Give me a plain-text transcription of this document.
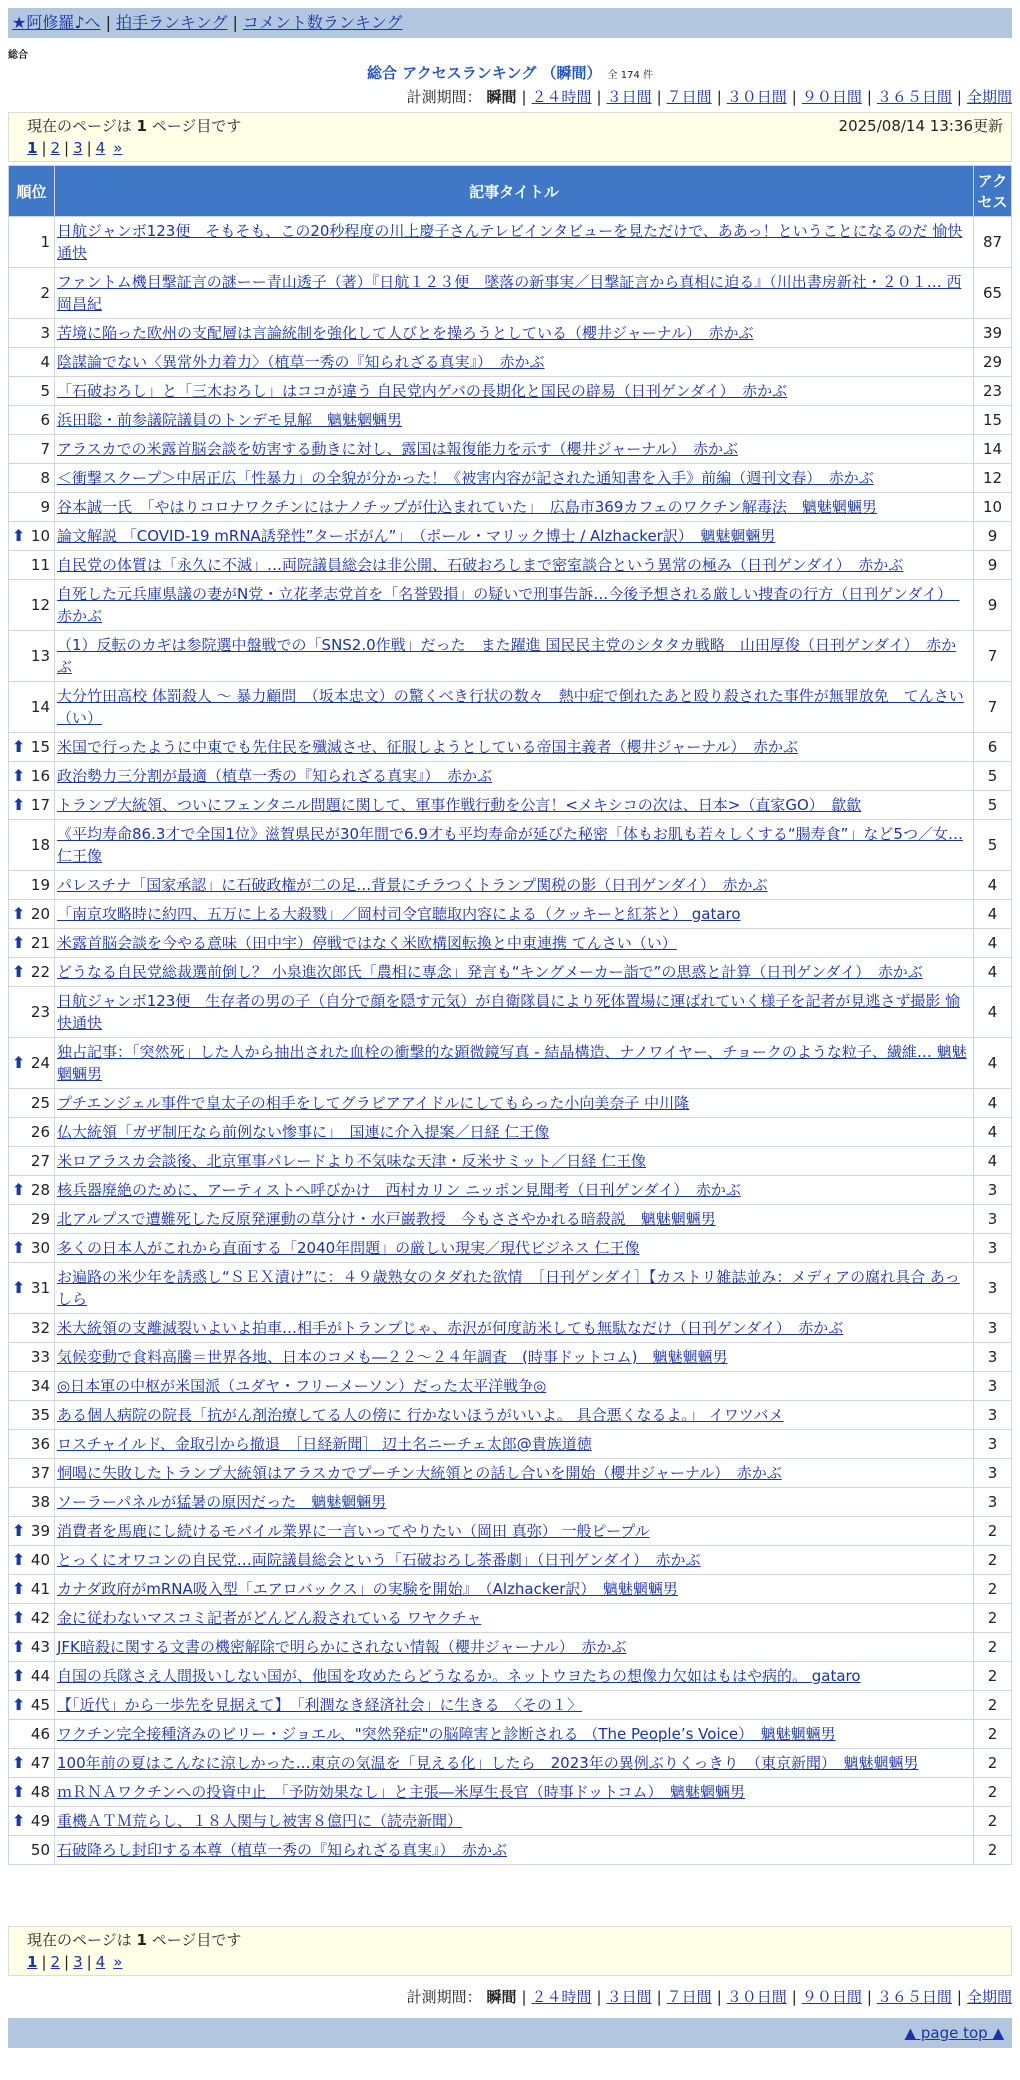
★阿修羅♪へ | 拍手ランキング | コメント数ランキング
総合
総合 アクセスランキング （瞬間） 全 174 件
計測期間： 瞬間 | ２４時間 | ３日間 | ７日間 | ３０日間 | ９０日間 | ３６５日間 | 全期間
現在のページは 1 ページ目です	2025/08/14 13:36更新
1 | 2 | 3 | 4 »
順位	記事タイトル	アクセス
1	日航ジャンボ123便　そもそも、この20秒程度の川上慶子さんテレビインタビューを見ただけで、ああっ！ということになるのだ 愉快通快	87
2	ファントム機目撃証言の謎ーー青山透子（著）『日航１２３便　墜落の新事実／目撃証言から真相に迫る』（川出書房新社・２０１… 西岡昌紀	65
3	苦境に陥った欧州の支配層は言論統制を強化して人びとを操ろうとしている（櫻井ジャーナル）　赤かぶ	39
4	陰謀論でない〈異常外力着力〉（植草一秀の『知られざる真実』）　赤かぶ	29
5	「石破おろし」と「三木おろし」はココが違う 自民党内ゲバの長期化と国民の辟易（日刊ゲンダイ）　赤かぶ	23
6	浜田聡・前参議院議員のトンデモ見解　魑魅魍魎男	15
7	アラスカでの米露首脳会談を妨害する動きに対し、露国は報復能力を示す（櫻井ジャーナル）　赤かぶ	14
8	＜衝撃スクープ＞中居正広「性暴力」の全貌が分かった！《被害内容が記された通知書を入手》前編（週刊文春）　赤かぶ	12
9	谷本誠一氏　「やはりコロナワクチンにはナノチップが仕込まれていた」　広島市369カフェのワクチン解毒法　魑魅魍魎男	10

⬆ 10	論文解説 「COVID-19 mRNA誘発性”ターボがん”」　（ポール・マリック博士 / Alzhacker訳）　魑魅魍魎男	9
11	自民党の体質は「永久に不滅」…両院議員総会は非公開、石破おろしまで密室談合という異常の極み（日刊ゲンダイ）　赤かぶ	9
12	自死した元兵庫県議の妻がN党・立花孝志党首を「名誉毀損」の疑いで刑事告訴…今後予想される厳しい捜査の行方（日刊ゲンダイ）　赤かぶ	9
13	（1）反転のカギは参院選中盤戦での「SNS2.0作戦」だった　また躍進 国民民主党のシタタカ戦略　山田厚俊（日刊ゲンダイ）　赤かぶ	7
14	大分竹田高校 体罰殺人 ～ 暴力顧問　（坂本忠文）の驚くべき行状の数々　熱中症で倒れたあと殴り殺された事件が無罪放免　てんさい（い）	7

⬆ 15	米国で行ったように中東でも先住民を殲滅させ、征服しようとしている帝国主義者（櫻井ジャーナル）　赤かぶ	6

⬆ 16	政治勢力三分割が最適（植草一秀の『知られざる真実』）　赤かぶ	5

⬆ 17	トランプ大統領、ついにフェンタニル問題に関して、軍事作戦行動を公言！<メキシコの次は、日本>（直家GO）　歙歙	5
18	《平均寿命86.3才で全国1位》滋賀県民が30年間で6.9才も平均寿命が延びた秘密「体もお肌も若々しくする“腸寿食”」など5つ／女… 仁王像	5
19	パレスチナ「国家承認」に石破政権が二の足…背景にチラつくトランプ関税の影（日刊ゲンダイ）　赤かぶ	4

⬆ 20	「南京攻略時に約四、五万に上る大殺戮」／岡村司令官聴取内容による（クッキーと紅茶と） gataro	4

⬆ 21	米露首脳会談を今やる意味（田中宇）停戦ではなく米欧構図転換と中東連携 てんさい（い）	4

⬆ 22	どうなる自民党総裁選前倒し？ 小泉進次郎氏「農相に専念」発言も“キングメーカー詣で”の思惑と計算（日刊ゲンダイ）　赤かぶ	4
23	日航ジャンボ123便　生存者の男の子（自分で顔を隠す元気）が自衛隊員により死体置場に運ばれていく様子を記者が見逃さず撮影 愉快通快	4

⬆ 24	独占記事：「突然死」した人から抽出された血栓の衝撃的な顕微鏡写真 - 結晶構造、ナノワイヤー、チョークのような粒子、繊維… 魑魅魍魎男	4
25	プチエンジェル事件で皇太子の相手をしてグラビアアイドルにしてもらった小向美奈子 中川隆	4
26	仏大統領「ガザ制圧なら前例ない惨事に」　国連に介入提案／日経 仁王像	4
27	米ロアラスカ会談後、北京軍事パレードより不気味な天津・反米サミット／日経 仁王像	4

⬆ 28	核兵器廃絶のために、アーティストへ呼びかけ　西村カリン ニッポン見聞考（日刊ゲンダイ）　赤かぶ	3
29	北アルプスで遭難死した反原発運動の草分け・水戸巌教授　今もささやかれる暗殺説　魑魅魍魎男	3

⬆ 30	多くの日本人がこれから直面する「2040年問題」の厳しい現実／現代ビジネス 仁王像	3

⬆ 31	お遍路の米少年を誘惑し“ＳＥＸ漬け”に：４９歳熟女のタダれた欲情　［日刊ゲンダイ］【カストリ雑誌並み：メディアの腐れ具合 あっしら	3
32	米大統領の支離滅裂いよいよ拍車…相手がトランプじゃ、赤沢が何度訪米しても無駄なだけ（日刊ゲンダイ）　赤かぶ	3
33	気候変動で食料高騰＝世界各地、日本のコメも―２２～２４年調査　(時事ドットコム)　魑魅魍魎男	3
34	◎日本軍の中枢が米国派（ユダヤ・フリーメーソン）だった太平洋戦争◎	3
35	ある個人病院の院長「抗がん剤治療してる人の傍に 行かないほうがいいよ。 具合悪くなるよ。」 イワツバメ	3
36	ロスチャイルド、金取引から撤退　［日経新聞］ 辺土名ニーチェ太郎@貴族道徳	3
37	恫喝に失敗したトランプ大統領はアラスカでプーチン大統領との話し合いを開始（櫻井ジャーナル）　赤かぶ	3
38	ソーラーパネルが猛暑の原因だった　魑魅魍魎男	3

⬆ 39	消費者を馬鹿にし続けるモバイル業界に一言いってやりたい（岡田 真弥） 一般ピープル	2

⬆ 40	とっくにオワコンの自民党…両院議員総会という「石破おろし茶番劇」（日刊ゲンダイ）　赤かぶ	2

⬆ 41	カナダ政府がmRNA吸入型「エアロバックス」の実験を開始』　（Alzhacker訳）　魑魅魍魎男	2

⬆ 42	金に従わないマスコミ記者がどんどん殺されている ワヤクチャ	2

⬆ 43	JFK暗殺に関する文書の機密解除で明らかにされない情報（櫻井ジャーナル）　赤かぶ	2

⬆ 44	自国の兵隊さえ人間扱いしない国が、他国を攻めたらどうなるか。ネットウヨたちの想像力欠如はもはや病的。 gataro	2

⬆ 45	【「近代」から一歩先を見据えて】　「利潤なき経済社会」に生きる　〈その１〉	2
46	ワクチン完全接種済みのビリー・ジョエル、"突然発症"の脳障害と診断される （The People’s Voice）　魑魅魍魎男	2

⬆ 47	100年前の夏はこんなに涼しかった…東京の気温を「見える化」したら　2023年の異例ぶりくっきり　（東京新聞）　魑魅魍魎男	2

⬆ 48	ｍＲＮＡワクチンへの投資中止　「予防効果なし」と主張―米厚生長官（時事ドットコム）　魑魅魍魎男	2

⬆ 49	重機ＡＴＭ荒らし、１８人関与し被害８億円に（読売新聞）	2
50	石破降ろし封印する本尊（植草一秀の『知られざる真実』）　赤かぶ	2
現在のページは 1 ページ目です
1 | 2 | 3 | 4 »
計測期間： 瞬間 | ２４時間 | ３日間 | ７日間 | ３０日間 | ９０日間 | ３６５日間 | 全期間
▲ page top ▲
